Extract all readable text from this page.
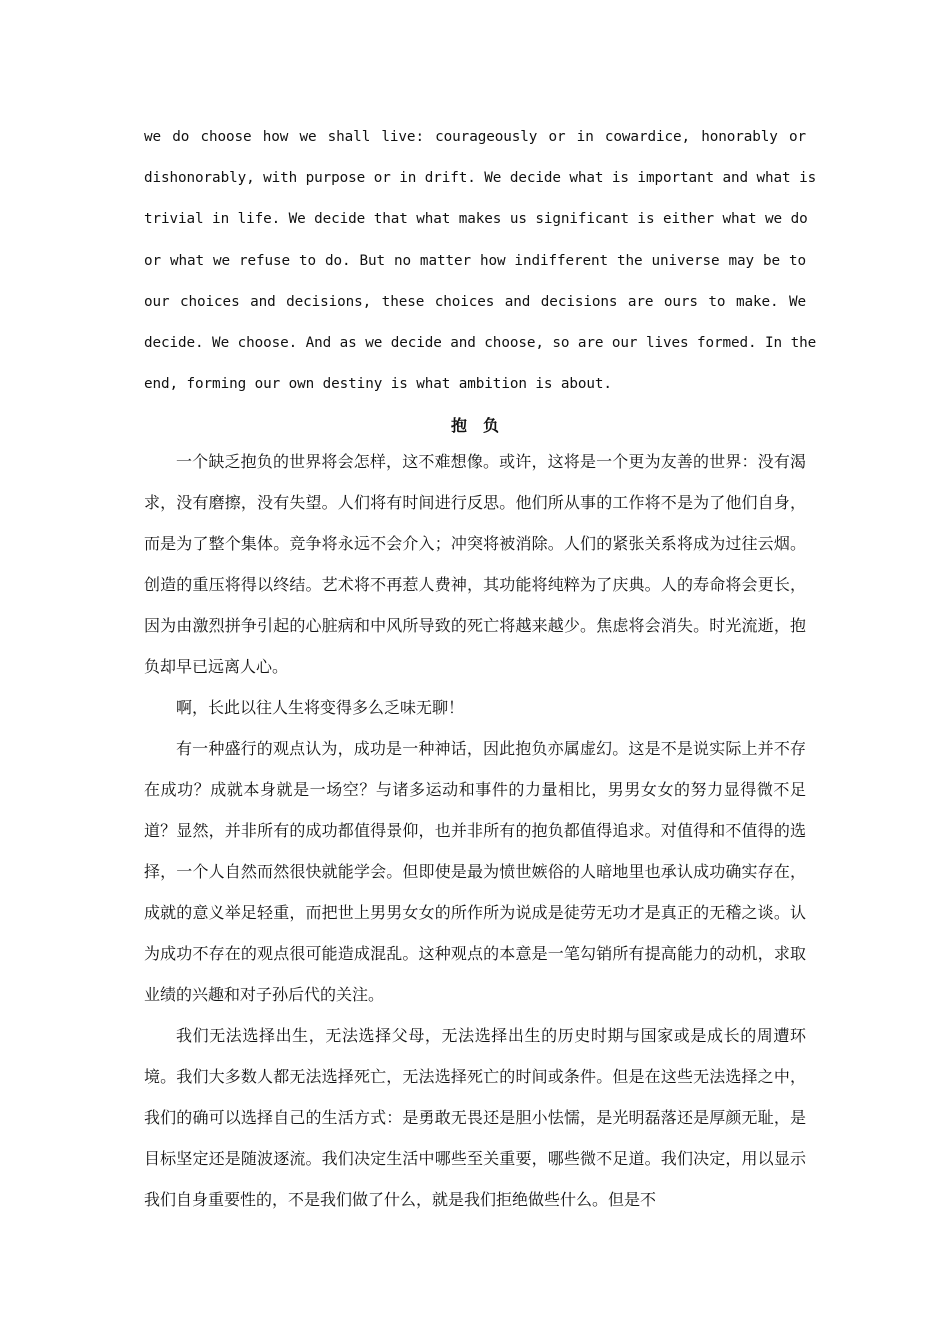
we do choose how we shall live: courageously or in cowardice, honorably or
dishonorably, with purpose or in drift. We decide what is important and what is
trivial in life. We decide that what makes us significant is either what we do
or what we refuse to do. But no matter how indifferent the universe may be to
our choices and decisions, these choices and decisions are ours to make. We
decide. We choose. And as we decide and choose, so are our lives formed. In the
end, forming our own destiny is what ambition is about.
抱负

一个缺乏抱负的世界将会怎样，这不难想像。或许，这将是一个更为友善的世界：没有渴求，没有磨擦，没有失望。人们将有时间进行反思。他们所从事的工作将不是为了他们自身，而是为了整个集体。竞争将永远不会介入；冲突将被消除。人们的紧张关系将成为过往云烟。创造的重压将得以终结。艺术将不再惹人费神，其功能将纯粹为了庆典。人的寿命将会更长，因为由激烈拼争引起的心脏病和中风所导致的死亡将越来越少。焦虑将会消失。时光流逝，抱负却早已远离人心。

啊，长此以往人生将变得多么乏味无聊！

有一种盛行的观点认为，成功是一种神话，因此抱负亦属虚幻。这是不是说实际上并不存在成功？成就本身就是一场空？与诸多运动和事件的力量相比，男男女女的努力显得微不足道？显然，并非所有的成功都值得景仰，也并非所有的抱负都值得追求。对值得和不值得的选择，一个人自然而然很快就能学会。但即使是最为愤世嫉俗的人暗地里也承认成功确实存在，成就的意义举足轻重，而把世上男男女女的所作所为说成是徒劳无功才是真正的无稽之谈。认为成功不存在的观点很可能造成混乱。这种观点的本意是一笔勾销所有提高能力的动机，求取业绩的兴趣和对子孙后代的关注。

我们无法选择出生，无法选择父母，无法选择出生的历史时期与国家或是成长的周遭环境。我们大多数人都无法选择死亡，无法选择死亡的时间或条件。但是在这些无法选择之中，我们的确可以选择自己的生活方式：是勇敢无畏还是胆小怯懦，是光明磊落还是厚颜无耻，是目标坚定还是随波逐流。我们决定生活中哪些至关重要，哪些微不足道。我们决定，用以显示我们自身重要性的，不是我们做了什么，就是我们拒绝做些什么。但是不
